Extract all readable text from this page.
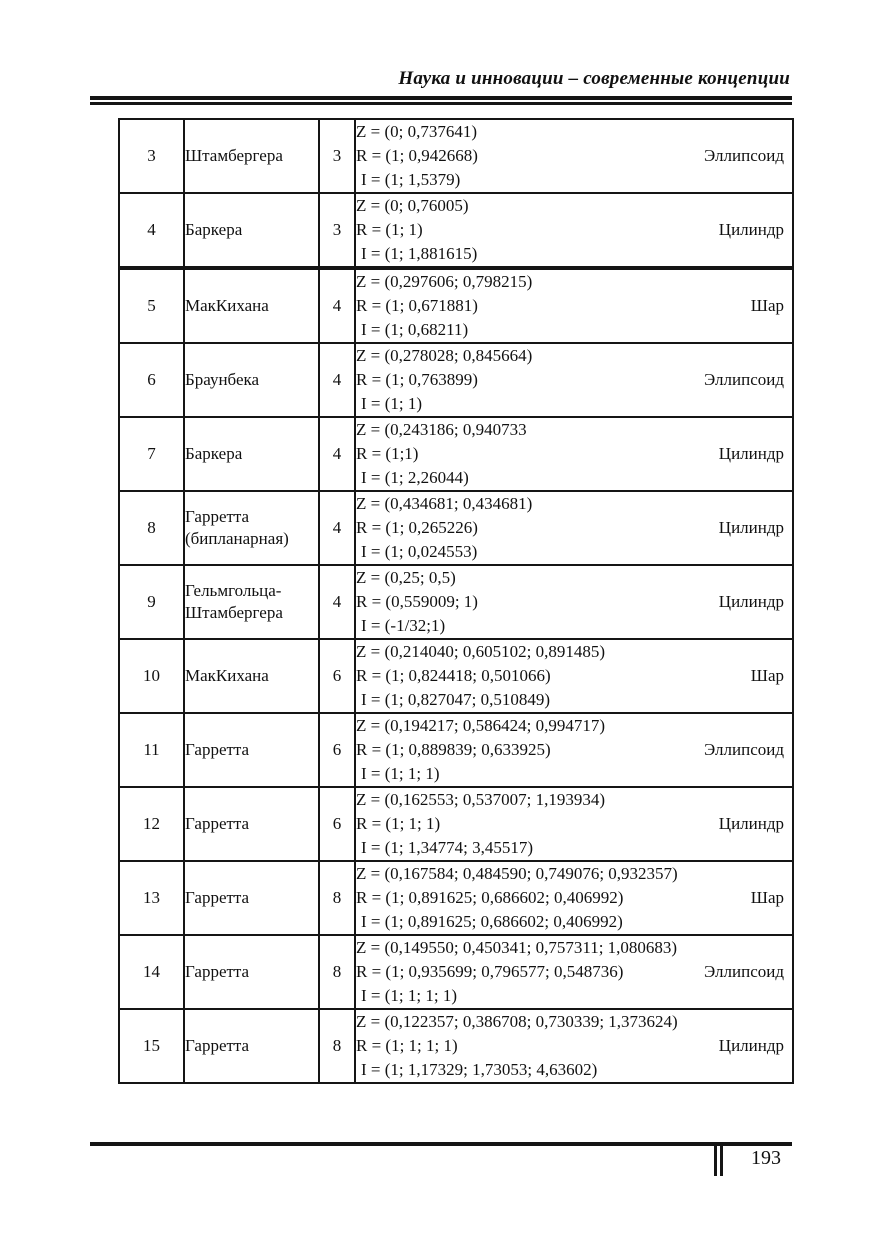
Наука и инновации – современные концепции
3	Штамбергера	3	Z = (0; 0,737641)
R = (1; 0,942668)
I = (1; 1,5379)
Эллипсоид

4	Баркера	3	Z = (0; 0,76005)
R = (1; 1)
I = (1; 1,881615)
Цилиндр

5	МакКихана	4	Z = (0,297606; 0,798215)
R = (1; 0,671881)
I = (1; 0,68211)
Шар

6	Браунбека	4	Z = (0,278028; 0,845664)
R = (1; 0,763899)
I = (1; 1)
Эллипсоид

7	Баркера	4	Z = (0,243186; 0,940733
R = (1;1)
I = (1; 2,26044)
Цилиндр

8	Гарретта (бипланарная)	4	Z = (0,434681; 0,434681)
R = (1; 0,265226)
I = (1; 0,024553)
Цилиндр

9	Гельмгольца-Штамбергера	4	Z = (0,25; 0,5)
R = (0,559009; 1)
I = (-1/32;1)
Цилиндр

10	МакКихана	6	Z = (0,214040; 0,605102; 0,891485)
R = (1; 0,824418; 0,501066)
I = (1; 0,827047; 0,510849)
Шар

11	Гарретта	6	Z = (0,194217; 0,586424; 0,994717)
R = (1; 0,889839; 0,633925)
I = (1; 1; 1)
Эллипсоид

12	Гарретта	6	Z = (0,162553; 0,537007; 1,193934)
R = (1; 1; 1)
I = (1; 1,34774; 3,45517)
Цилиндр

13	Гарретта	8	Z = (0,167584; 0,484590; 0,749076; 0,932357)
R = (1; 0,891625; 0,686602; 0,406992)
I = (1; 0,891625; 0,686602; 0,406992)
Шар

14	Гарретта	8	Z = (0,149550; 0,450341; 0,757311; 1,080683)
R = (1; 0,935699; 0,796577; 0,548736)
I = (1; 1; 1; 1)
Эллипсоид

15	Гарретта	8	Z = (0,122357; 0,386708; 0,730339; 1,373624)
R = (1; 1; 1; 1)
I = (1; 1,17329; 1,73053; 4,63602)
Цилиндр
193
